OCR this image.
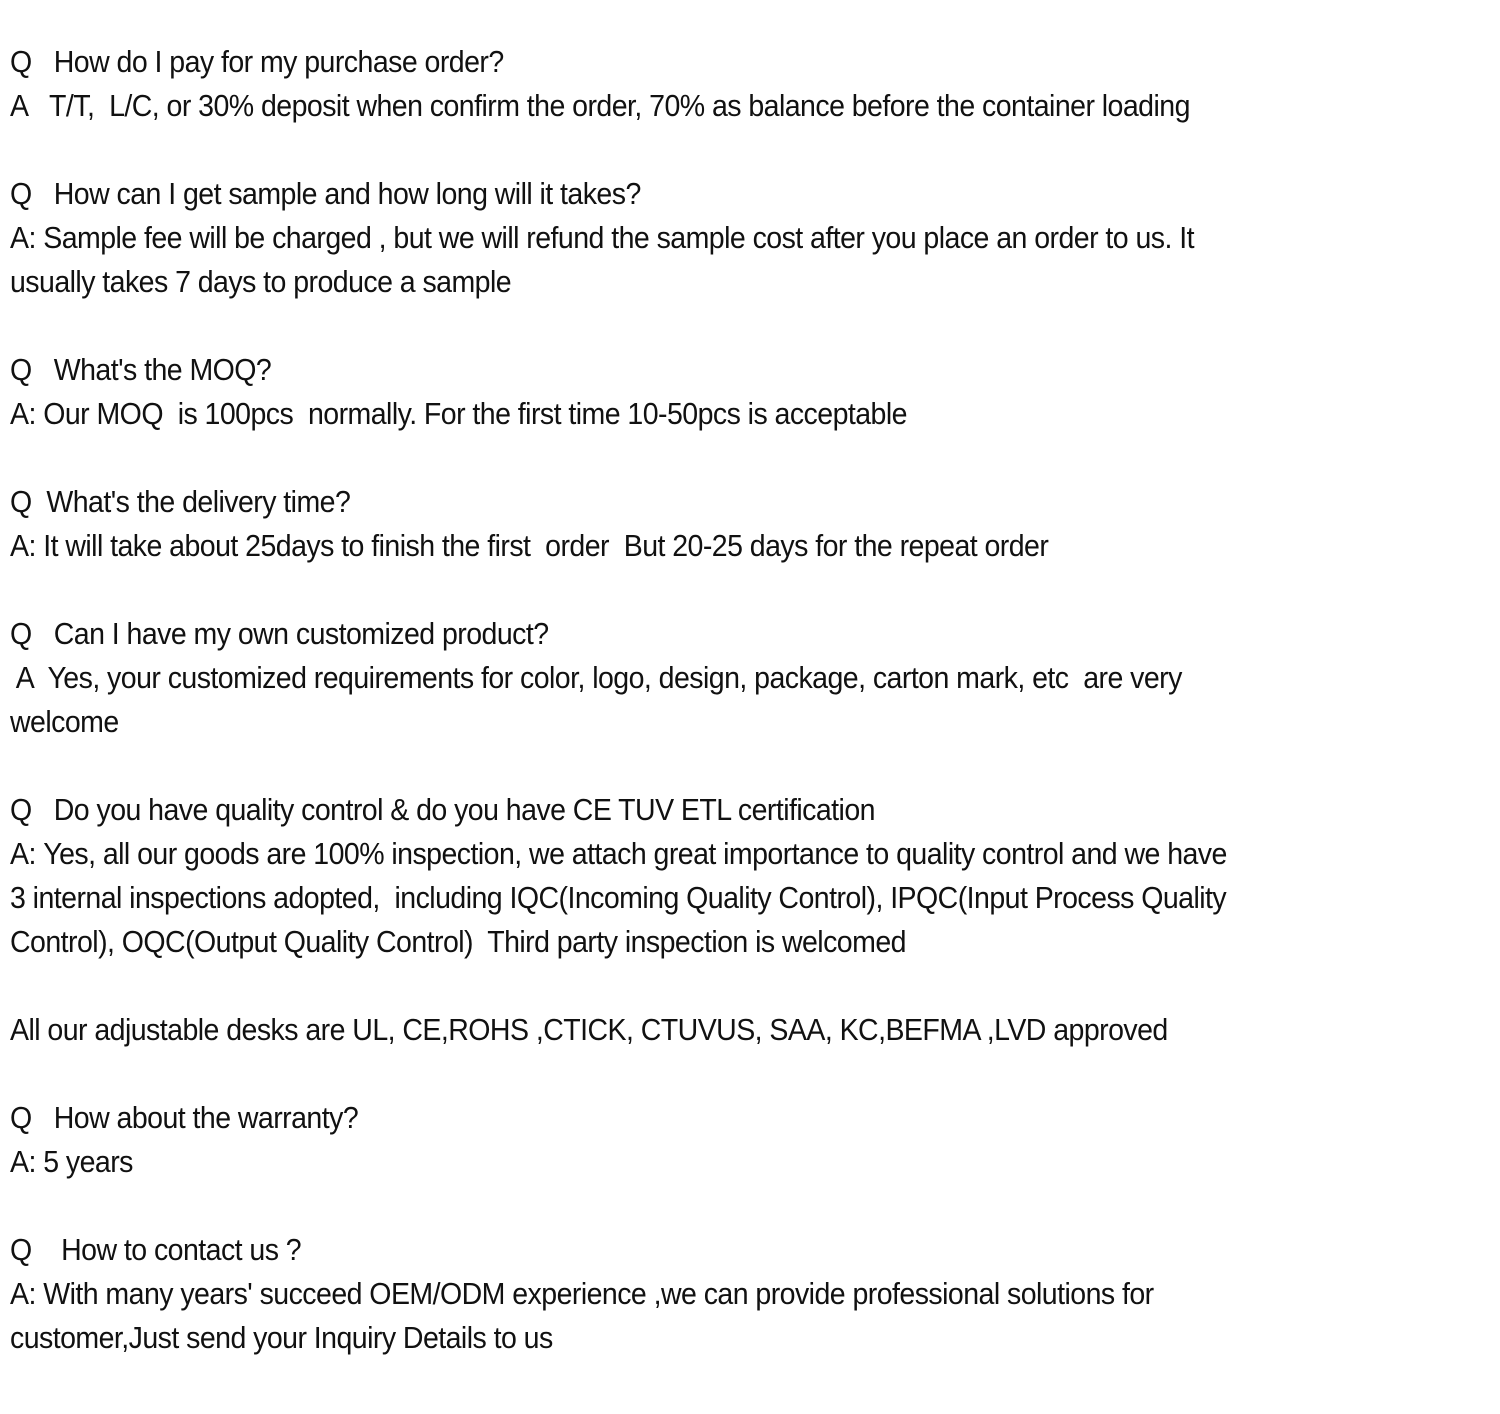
Q   How do I pay for my purchase order?
A   T/T,  L/C, or 30% deposit when confirm the order, 70% as balance before the container loading
Q   How can I get sample and how long will it takes?
A: Sample fee will be charged , but we will refund the sample cost after you place an order to us. It
usually takes 7 days to produce a sample
Q   What's the MOQ?
A: Our MOQ  is 100pcs  normally. For the first time 10-50pcs is acceptable
Q  What's the delivery time?
A: It will take about 25days to finish the first  order  But 20-25 days for the repeat order
Q   Can I have my own customized product?
A  Yes, your customized requirements for color, logo, design, package, carton mark, etc  are very
welcome
Q   Do you have quality control & do you have CE TUV ETL certification
A: Yes, all our goods are 100% inspection, we attach great importance to quality control and we have
3 internal inspections adopted,  including IQC(Incoming Quality Control), IPQC(Input Process Quality
Control), OQC(Output Quality Control)  Third party inspection is welcomed
All our adjustable desks are UL, CE,ROHS ,CTICK, CTUVUS, SAA, KC,BEFMA ,LVD approved
Q   How about the warranty?
A: 5 years
Q    How to contact us ?
A: With many years' succeed OEM/ODM experience ,we can provide professional solutions for
customer,Just send your Inquiry Details to us
